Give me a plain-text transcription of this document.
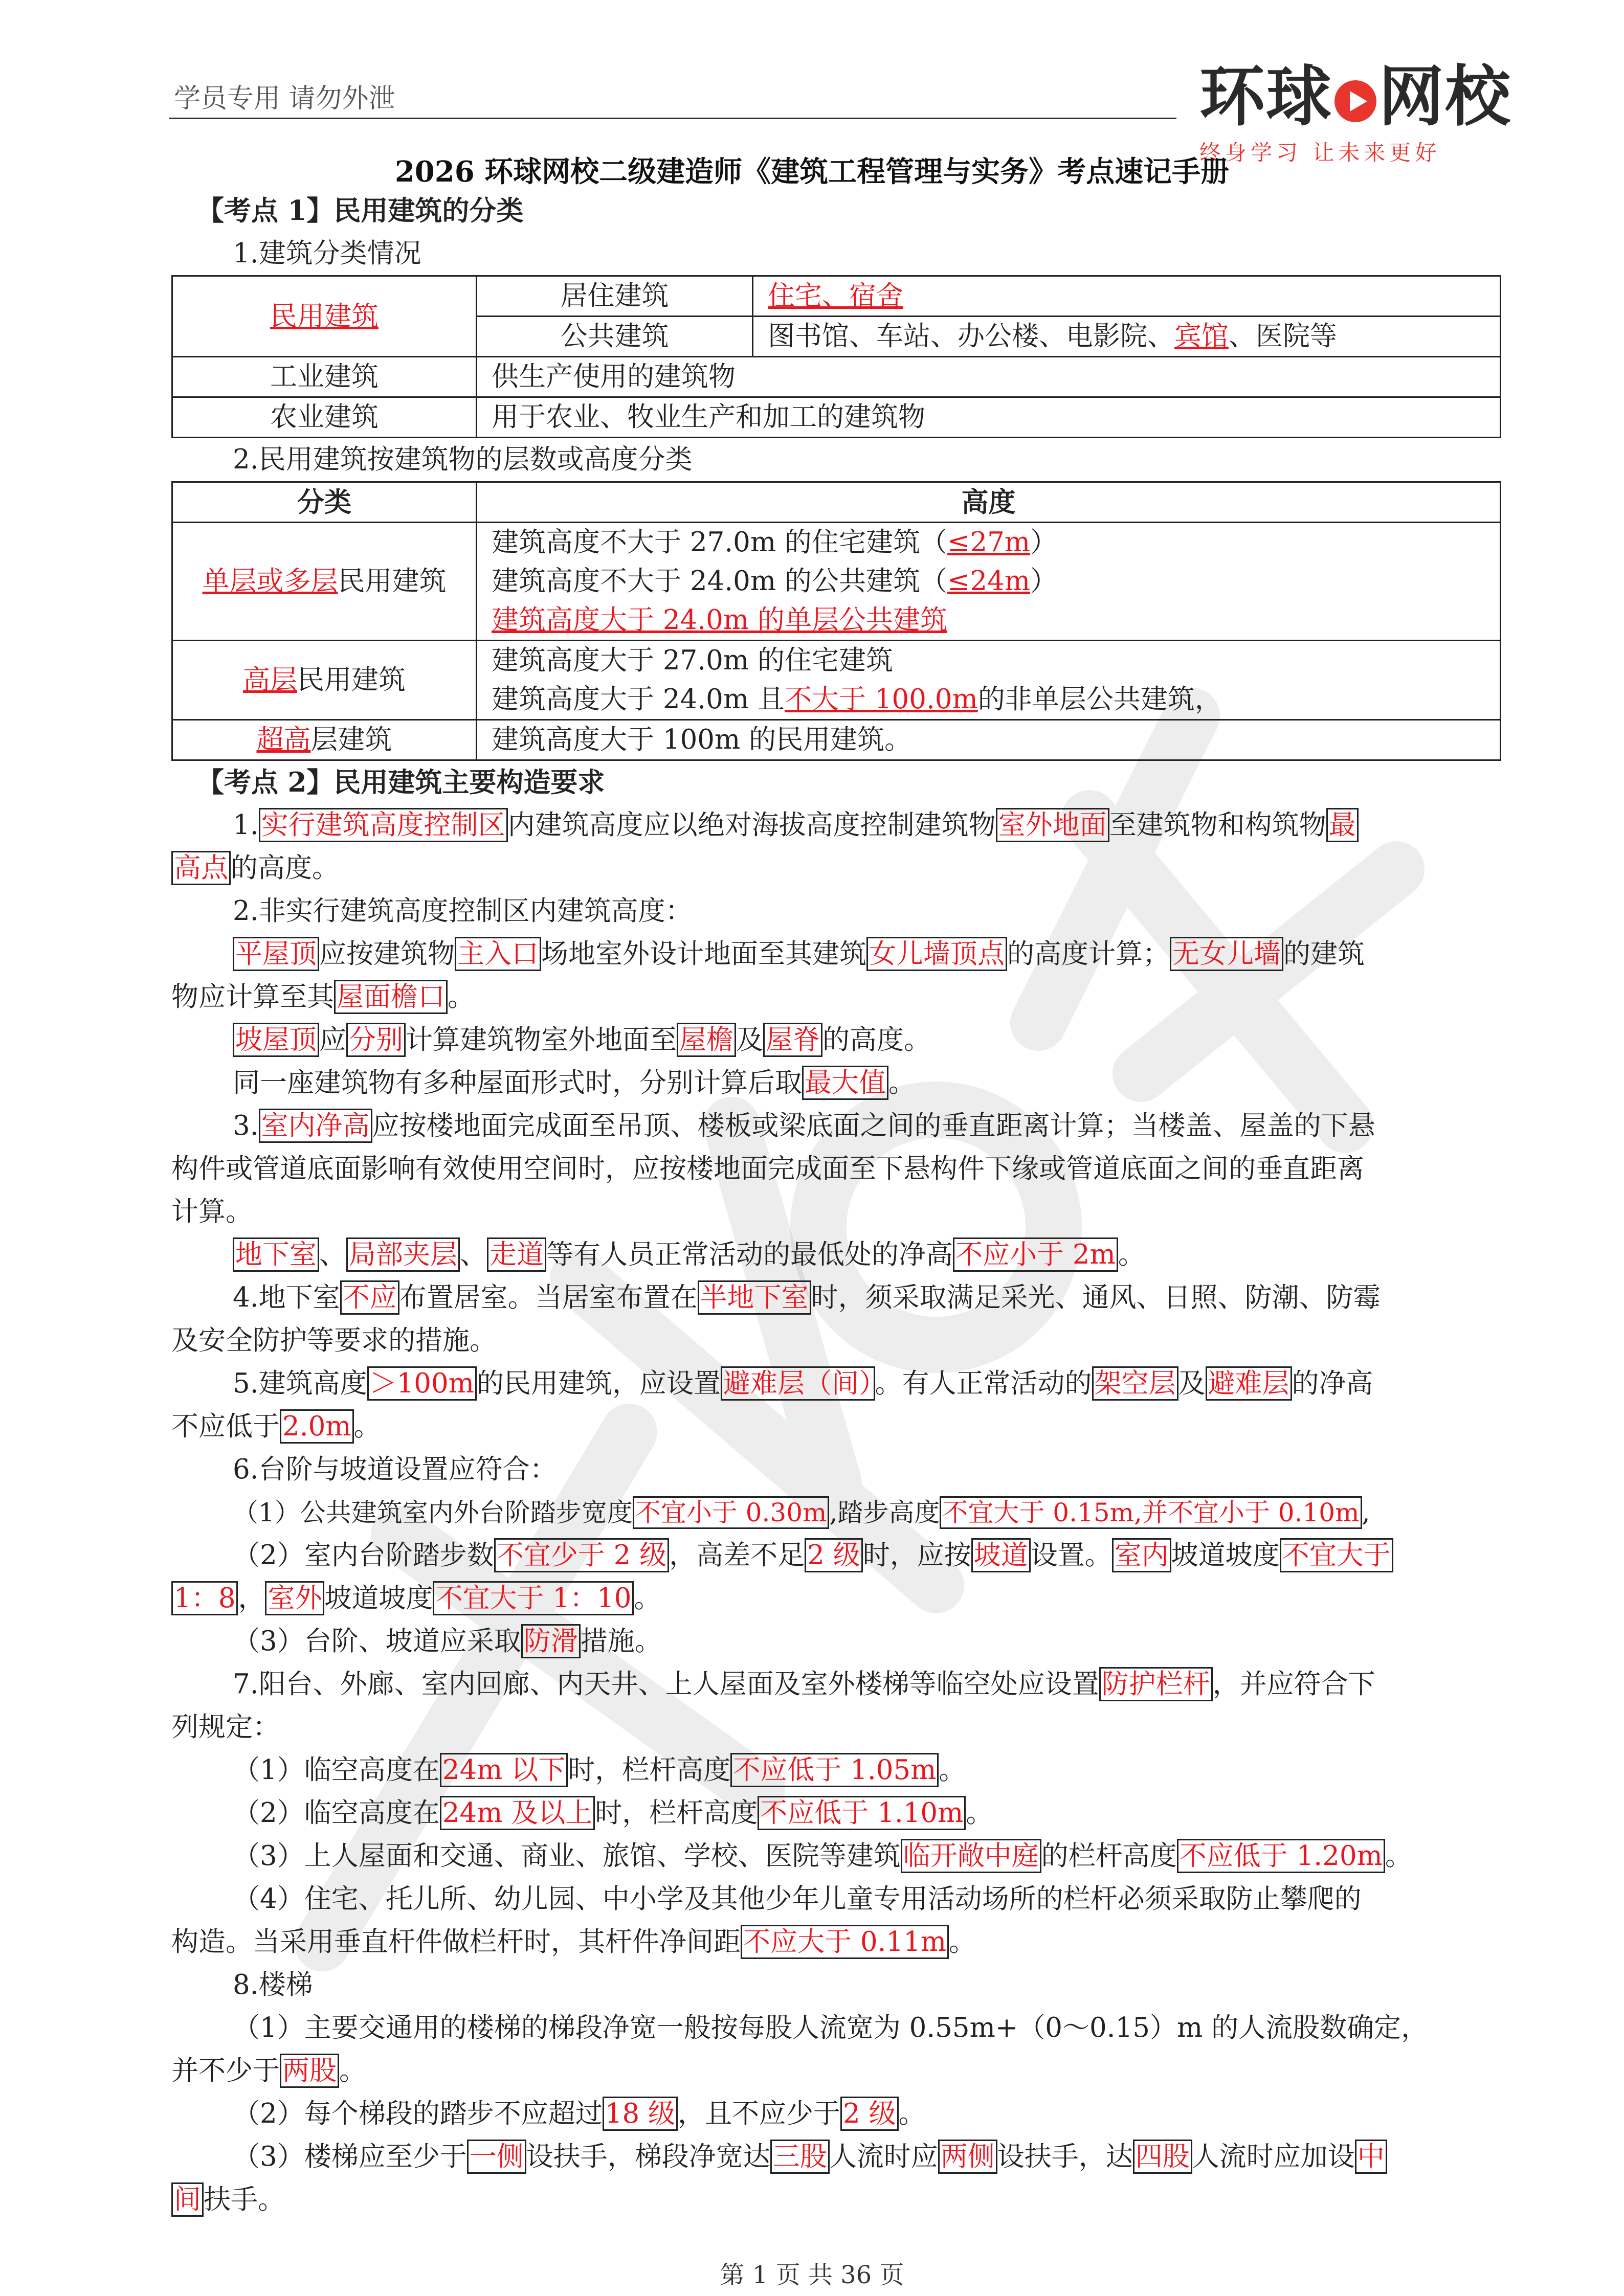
学员专用 请勿外泄	环球 网校
终身学习 让未来更好
2026 环球网校二级建造师《建筑工程管理与实务》考点速记手册
【考点 1】民用建筑的分类
1.建筑分类情况
民用建筑	居住建筑	住宅、宿舍
	公共建筑	图书馆、车站、办公楼、电影院、宾馆、医院等
工业建筑	供生产使用的建筑物	
农业建筑	用于农业、牧业生产和加工的建筑物	
2.民用建筑按建筑物的层数或高度分类
分类	高度
单层或多层民用建筑	建筑高度不大于 27.0m 的住宅建筑（≤27m）
建筑高度不大于 24.0m 的公共建筑（≤24m）
建筑高度大于 24.0m 的单层公共建筑

高层民用建筑	建筑高度大于 27.0m 的住宅建筑
建筑高度大于 24.0m 且不大于 100.0m的非单层公共建筑，

超高层建筑	建筑高度大于 100m 的民用建筑。
【考点 2】民用建筑主要构造要求
1.实行建筑高度控制区内建筑高度应以绝对海拔高度控制建筑物室外地面至建筑物和构筑物最
高点的高度。
2.非实行建筑高度控制区内建筑高度：
平屋顶应按建筑物主入口场地室外设计地面至其建筑女儿墙顶点的高度计算；无女儿墙的建筑
物应计算至其屋面檐口。
坡屋顶应分别计算建筑物室外地面至屋檐及屋脊的高度。
同一座建筑物有多种屋面形式时，分别计算后取最大值。
3.室内净高应按楼地面完成面至吊顶、楼板或梁底面之间的垂直距离计算；当楼盖、屋盖的下悬
构件或管道底面影响有效使用空间时，应按楼地面完成面至下悬构件下缘或管道底面之间的垂直距离
计算。
地下室、局部夹层、走道等有人员正常活动的最低处的净高不应小于 2m。
4.地下室不应布置居室。当居室布置在半地下室时，须采取满足采光、通风、日照、防潮、防霉
及安全防护等要求的措施。
5.建筑高度＞100m的民用建筑，应设置避难层（间）。有人正常活动的架空层及避难层的净高
不应低于2.0m。
6.台阶与坡道设置应符合：
（1）公共建筑室内外台阶踏步宽度 不宜小于 0.30m ,踏步高度 不宜大于 0.15m,并不宜小于 0.10m ,
（2）室内台阶踏步数不宜少于 2 级，高差不足2 级时，应按坡道设置。室内坡道坡度不宜大于
1：8，室外坡道坡度不宜大于 1：10。
（3）台阶、坡道应采取防滑措施。
7.阳台、外廊、室内回廊、内天井、上人屋面及室外楼梯等临空处应设置防护栏杆，并应符合下
列规定：
（1）临空高度在24m 以下时，栏杆高度不应低于 1.05m。
（2）临空高度在24m 及以上时，栏杆高度不应低于 1.10m。
（3）上人屋面和交通、商业、旅馆、学校、医院等建筑临开敞中庭的栏杆高度不应低于 1.20m。
（4）住宅、托儿所、幼儿园、中小学及其他少年儿童专用活动场所的栏杆必须采取防止攀爬的
构造。当采用垂直杆件做栏杆时，其杆件净间距不应大于 0.11m。
8.楼梯
（1）主要交通用的楼梯的梯段净宽一般按每股人流宽为 0.55m+（0～0.15）m 的人流股数确定，
并不少于两股。
（2）每个梯段的踏步不应超过18 级，且不应少于2 级。
（3）楼梯应至少于一侧设扶手，梯段净宽达三股人流时应两侧设扶手，达四股人流时应加设中
间扶手。
第 1 页 共 36 页
